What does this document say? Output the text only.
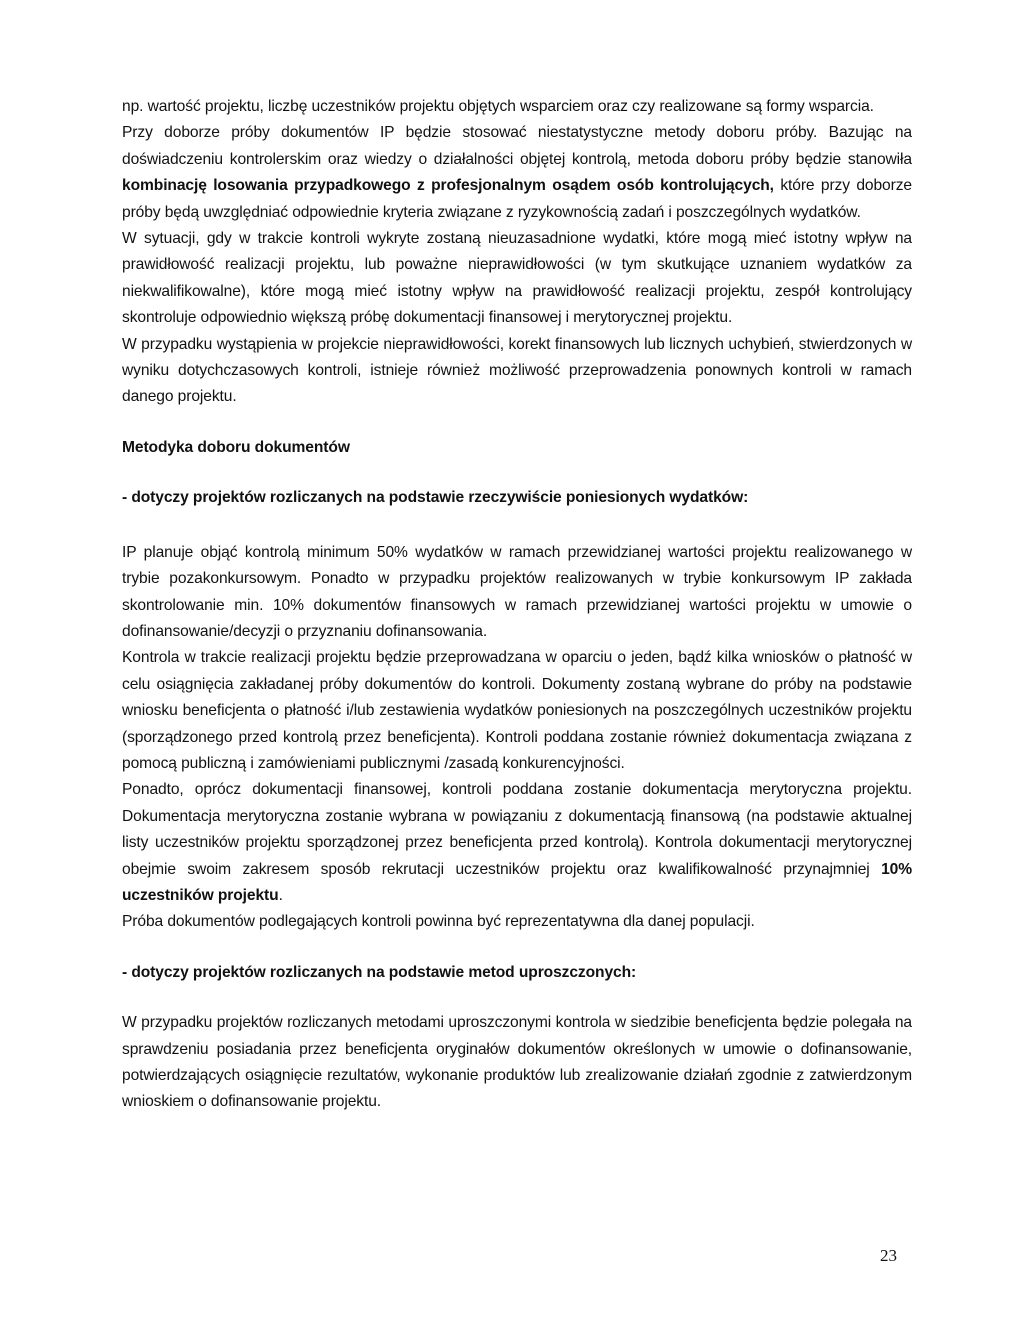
np. wartość projektu, liczbę uczestników projektu objętych wsparciem oraz czy realizowane są formy wsparcia.

Przy doborze próby dokumentów IP będzie stosować niestatystyczne metody doboru próby. Bazując na doświadczeniu kontrolerskim oraz wiedzy o działalności objętej kontrolą, metoda doboru próby będzie stanowiła kombinację losowania przypadkowego z profesjonalnym osądem osób kontrolujących, które przy doborze próby będą uwzględniać odpowiednie kryteria związane z ryzykownością zadań i poszczególnych wydatków.

W sytuacji, gdy w trakcie kontroli wykryte zostaną nieuzasadnione wydatki, które mogą mieć istotny wpływ na prawidłowość realizacji projektu, lub poważne nieprawidłowości (w tym skutkujące uznaniem wydatków za niekwalifikowalne), które mogą mieć istotny wpływ na prawidłowość realizacji projektu, zespół kontrolujący skontroluje odpowiednio większą próbę dokumentacji finansowej i merytorycznej projektu.

W przypadku wystąpienia w projekcie nieprawidłowości, korekt finansowych lub licznych uchybień, stwierdzonych w wyniku dotychczasowych kontroli, istnieje również możliwość przeprowadzenia ponownych kontroli w ramach danego projektu.

Metodyka doboru dokumentów

- dotyczy projektów rozliczanych na podstawie rzeczywiście poniesionych wydatków:

IP planuje objąć kontrolą minimum 50% wydatków w ramach przewidzianej wartości projektu realizowanego w trybie pozakonkursowym. Ponadto w przypadku projektów realizowanych w trybie konkursowym IP zakłada skontrolowanie min. 10% dokumentów finansowych w ramach przewidzianej wartości projektu w umowie o dofinansowanie/decyzji o przyznaniu dofinansowania.

Kontrola w trakcie realizacji projektu będzie przeprowadzana w oparciu o jeden, bądź kilka wniosków o płatność w celu osiągnięcia zakładanej próby dokumentów do kontroli. Dokumenty zostaną wybrane do próby na podstawie wniosku beneficjenta o płatność i/lub zestawienia wydatków poniesionych na poszczególnych uczestników projektu (sporządzonego przed kontrolą przez beneficjenta). Kontroli poddana zostanie również dokumentacja związana z pomocą publiczną i zamówieniami publicznymi /zasadą konkurencyjności.

Ponadto, oprócz dokumentacji finansowej, kontroli poddana zostanie dokumentacja merytoryczna projektu. Dokumentacja merytoryczna zostanie wybrana w powiązaniu z dokumentacją finansową (na podstawie aktualnej listy uczestników projektu sporządzonej przez beneficjenta przed kontrolą). Kontrola dokumentacji merytorycznej obejmie swoim zakresem sposób rekrutacji uczestników projektu oraz kwalifikowalność przynajmniej 10% uczestników projektu.

Próba dokumentów podlegających kontroli powinna być reprezentatywna dla danej populacji.

- dotyczy projektów rozliczanych na podstawie metod uproszczonych:

W przypadku projektów rozliczanych metodami uproszczonymi kontrola w siedzibie beneficjenta będzie polegała na sprawdzeniu posiadania przez beneficjenta oryginałów dokumentów określonych w umowie o dofinansowanie, potwierdzających osiągnięcie rezultatów, wykonanie produktów lub zrealizowanie działań zgodnie z zatwierdzonym wnioskiem o dofinansowanie projektu.

23
